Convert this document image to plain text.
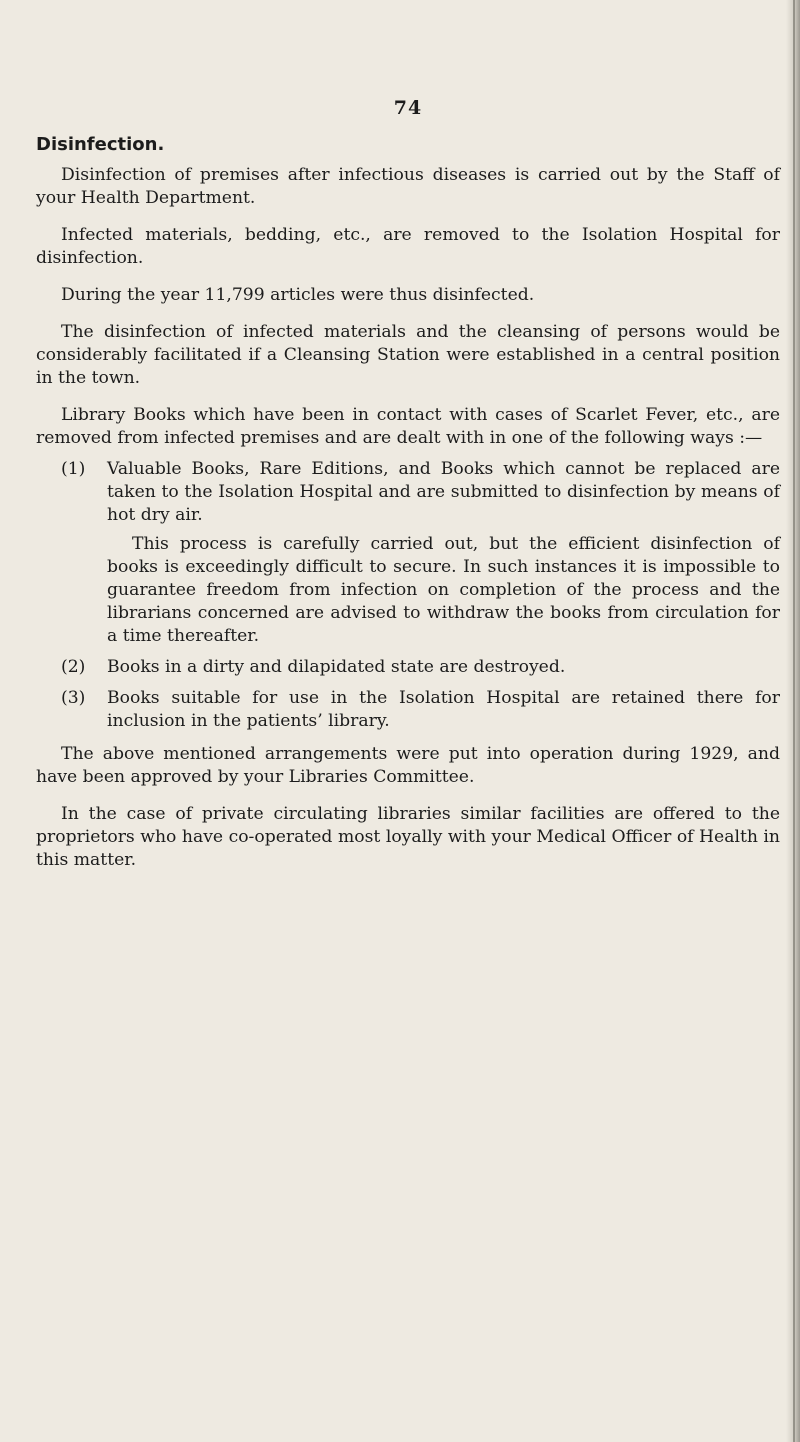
74
Disinfection.

Disinfection of premises after infectious diseases is carried out by the Staff of your Health Department.

Infected materials, bedding, etc., are removed to the Isolation Hospital for disinfection.

During the year 11,799 articles were thus disinfected.

The disinfection of infected materials and the cleansing of persons would be considerably facilitated if a Cleansing Station were established in a central position in the town.

Library Books which have been in contact with cases of Scarlet Fever, etc., are removed from infected premises and are dealt with in one of the following ways :—

(1)	Valuable Books, Rare Editions, and Books which cannot be replaced are taken to the Isolation Hospital and are submitted to disinfection by means of hot dry air.
This process is carefully carried out, but the efficient disinfection of books is exceedingly difficult to secure. In such instances it is impossible to guarantee freedom from infection on completion of the process and the librarians concerned are advised to withdraw the books from circulation for a time thereafter.
(2)	Books in a dirty and dilapidated state are destroyed.
(3)	Books suitable for use in the Isolation Hospital are retained there for inclusion in the patients’ library.

The above mentioned arrangements were put into operation during 1929, and have been approved by your Libraries Committee.

In the case of private circulating libraries similar facilities are offered to the proprietors who have co-operated most loyally with your Medical Officer of Health in this matter.
